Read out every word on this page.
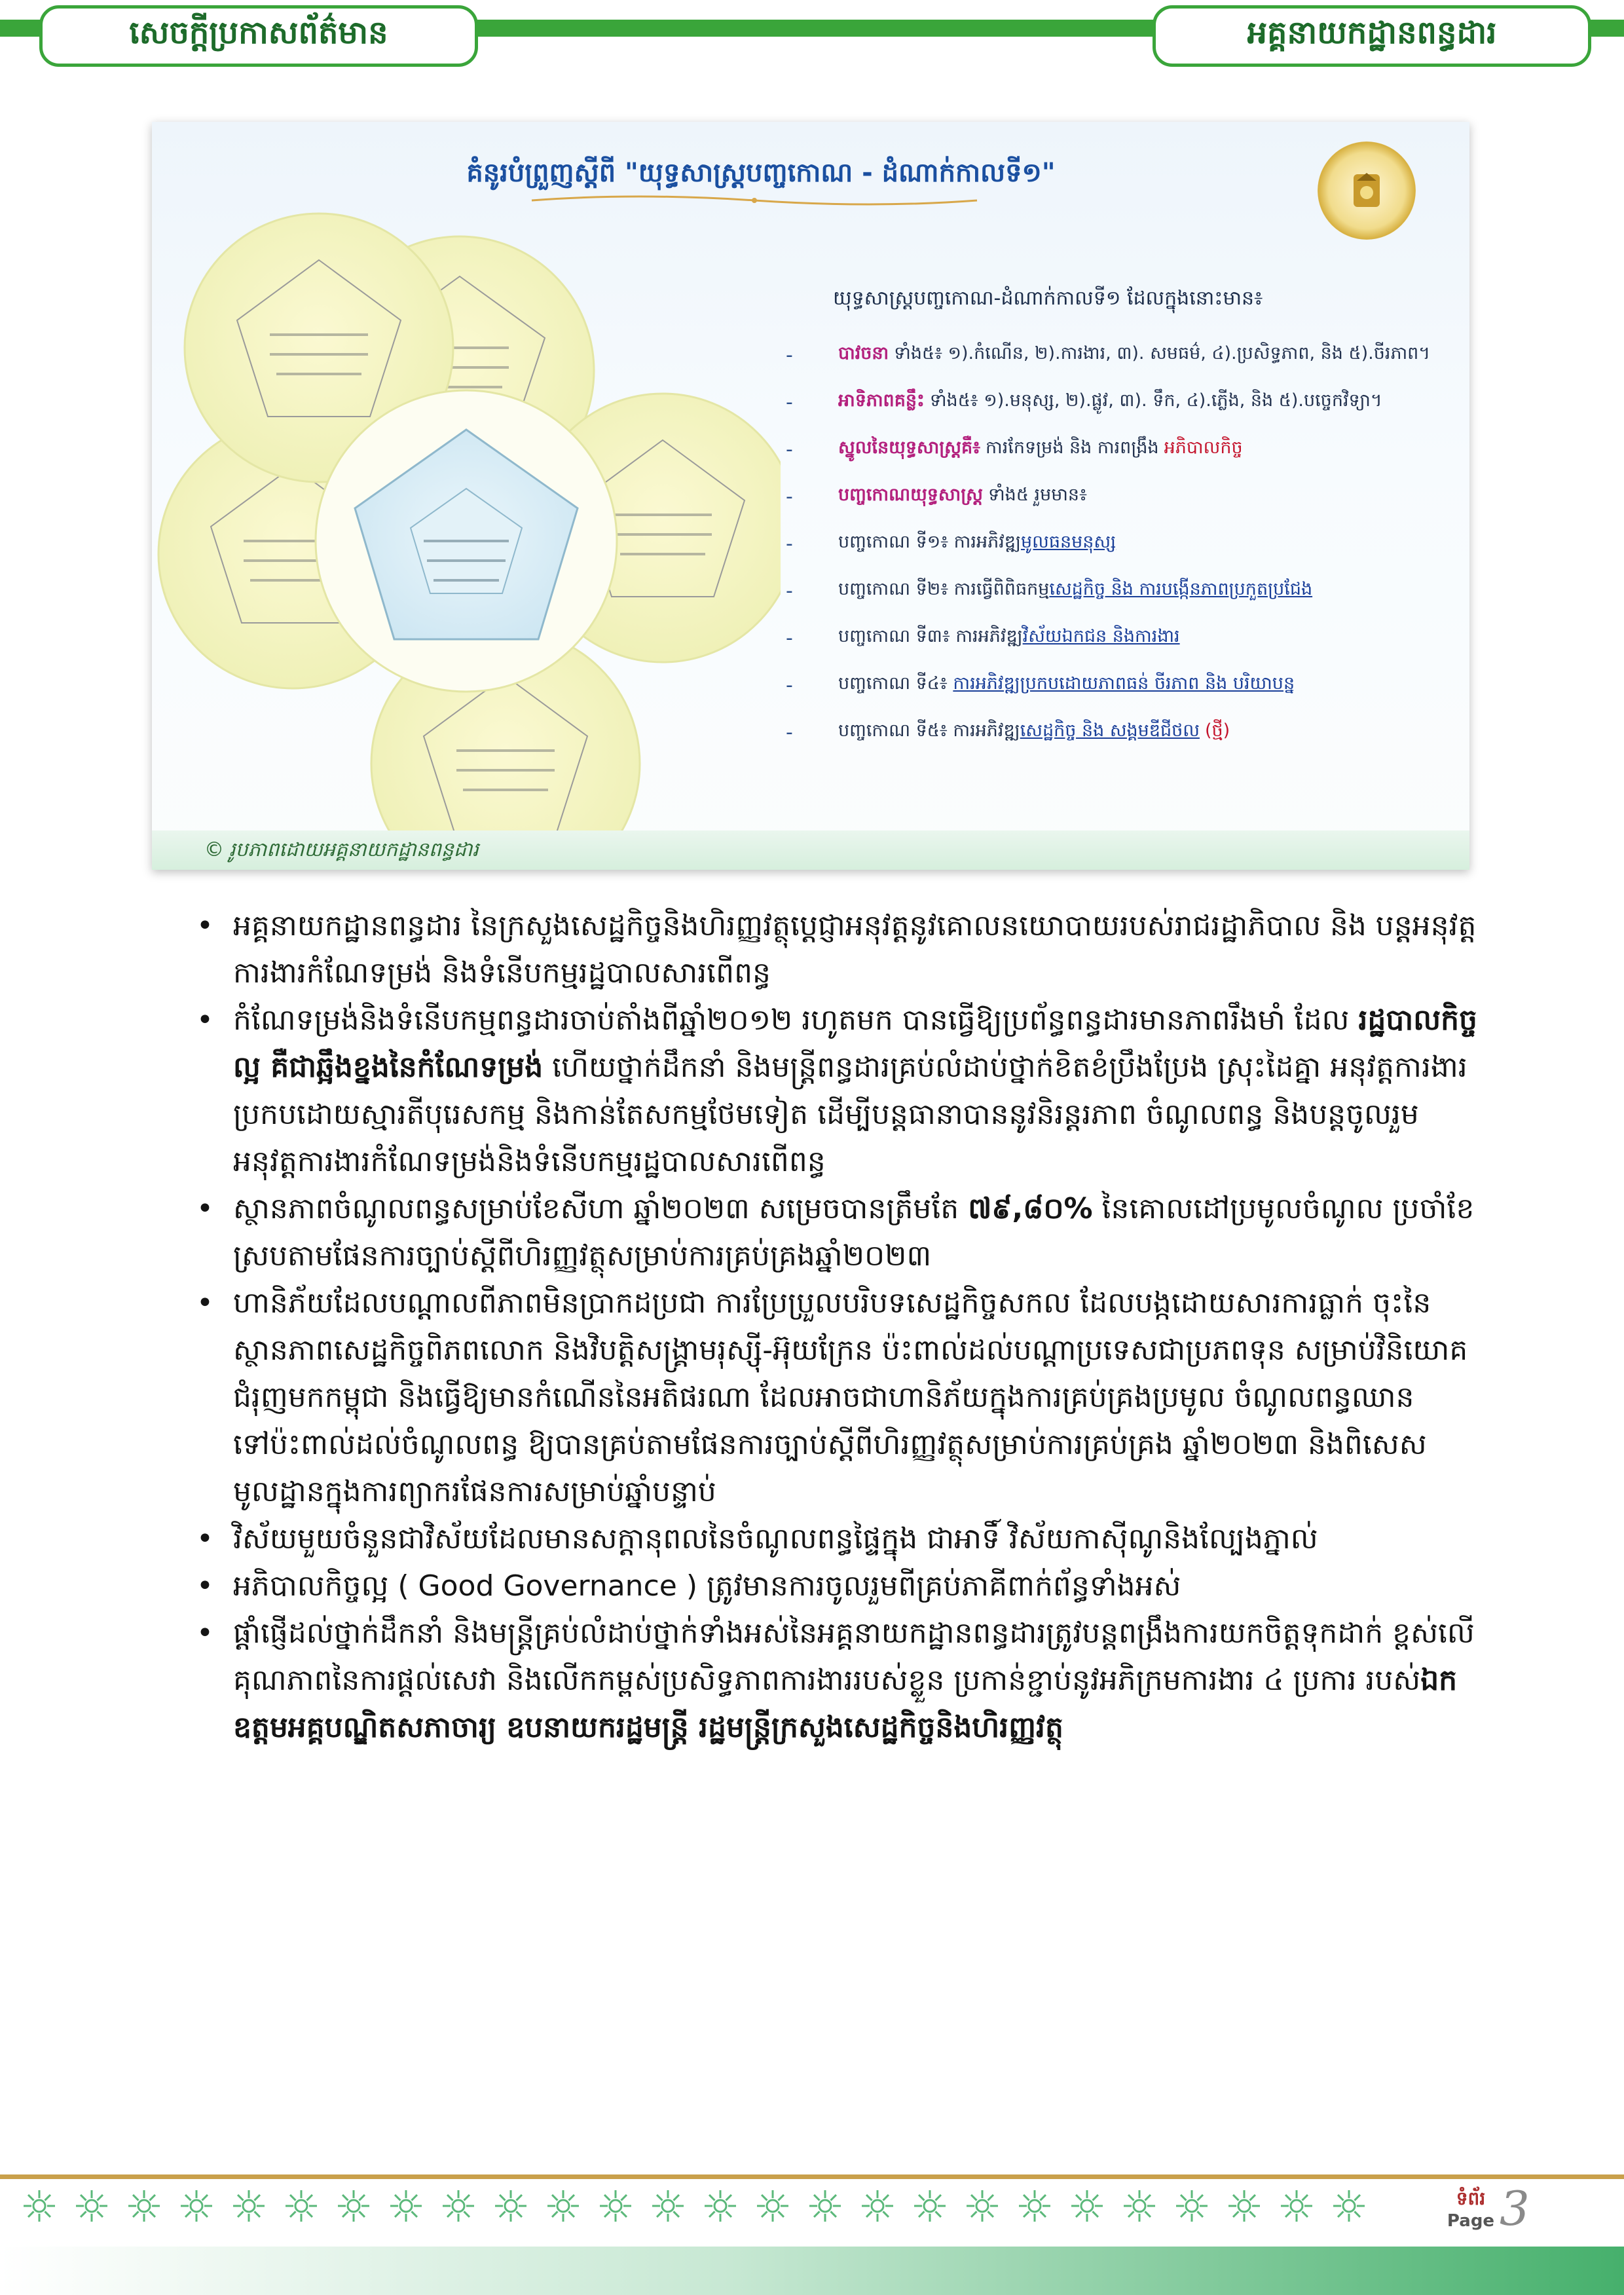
សេចក្ដីប្រកាសព័ត៌មាន	អគ្គនាយកដ្ឋានពន្ធដារ
គំនូរបំព្រួញស្ដីពី "យុទ្ធសាស្រ្តបញ្ចកោណ - ដំណាក់កាលទី១"
យុទ្ធសាស្រ្តបញ្ចកោណ-ដំណាក់កាលទី១ ដែលក្នុងនោះមាន៖
-	បាវចនា ទាំង៥៖ ១).កំណើន, ២).ការងារ, ៣). សមធម៌, ៤).ប្រសិទ្ធភាព, និង ៥).ចីរភាព។
-	អាទិភាពគន្លឹះ ទាំង៥៖ ១).មនុស្ស, ២).ផ្លូវ, ៣). ទឹក, ៤).ភ្លើង, និង ៥).បច្ចេកវិទ្យា។
-	ស្នូលនៃយុទ្ធសាស្ត្រគឺ៖ ការកែទម្រង់ និង ការពង្រឹង អភិបាលកិច្ច
-	បញ្ចកោណយុទ្ធសាស្រ្ត ទាំង៥ រួមមាន៖
-	បញ្ចកោណ ទី១៖ ការអភិវឌ្ឍមូលធនមនុស្ស
-	បញ្ចកោណ ទី២៖ ការធ្វើពិពិធកម្មសេដ្ឋកិច្ច និង ការបង្កើនភាពប្រកួតប្រជែង
-	បញ្ចកោណ ទី៣៖ ការអភិវឌ្ឍវិស័យឯកជន និងការងារ
-	បញ្ចកោណ ទី៤៖ ការអភិវឌ្ឍប្រកបដោយភាពធន់ ចីរភាព និង បរិយាបន្ន
-	បញ្ចកោណ ទី៥៖ ការអភិវឌ្ឍសេដ្ឋកិច្ច និង សង្គមឌីជីថល (ថ្មី)
© រូបភាពដោយអគ្គនាយកដ្ឋានពន្ធដារ
• អគ្គនាយកដ្ឋានពន្ធដារ នៃក្រសួងសេដ្ឋកិច្ចនិងហិរញ្ញវត្ថុប្តេជ្ញាអនុវត្តនូវគោលនយោបាយរបស់រាជរដ្ឋាភិបាល និង បន្តអនុវត្តការងារកំណែទម្រង់ និងទំនើបកម្មរដ្ឋបាលសារពើពន្ធ
• កំណែទម្រង់និងទំនើបកម្មពន្ធដារចាប់តាំងពីឆ្នាំ២០១២ រហូតមក បានធ្វើឱ្យប្រព័ន្ធពន្ធដារមានភាពរឹងមាំ ដែល រដ្ឋបាលកិច្ចល្អ គឺជាឆ្អឹងខ្នងនៃកំណែទម្រង់ ហើយថ្នាក់ដឹកនាំ និងមន្ត្រីពន្ធដារគ្រប់លំដាប់ថ្នាក់ខិតខំប្រឹងប្រែង ស្រុះដៃគ្នា អនុវត្តការងារប្រកបដោយស្មារតីបុរេសកម្ម និងកាន់តែសកម្មថែមទៀត ដើម្បីបន្តធានាបាននូវនិរន្តរភាព ចំណូលពន្ធ និងបន្តចូលរួមអនុវត្តការងារកំណែទម្រង់និងទំនើបកម្មរដ្ឋបាលសារពើពន្ធ
• ស្ថានភាពចំណូលពន្ធសម្រាប់ខែសីហា ឆ្នាំ២០២៣ សម្រេចបានត្រឹមតែ ៧៩,៨០% នៃគោលដៅប្រមូលចំណូល ប្រចាំខែស្របតាមផែនការច្បាប់ស្តីពីហិរញ្ញវត្ថុសម្រាប់ការគ្រប់គ្រងឆ្នាំ២០២៣
• ហានិភ័យដែលបណ្តាលពីភាពមិនប្រាកដប្រជា ការប្រែប្រួលបរិបទសេដ្ឋកិច្ចសកល ដែលបង្កដោយសារការធ្លាក់ ចុះនៃស្ថានភាពសេដ្ឋកិច្ចពិភពលោក និងវិបត្តិសង្គ្រាមរុស្ស៊ី-អ៊ុយក្រែន ប៉ះពាល់ដល់បណ្ដាប្រទេសជាប្រភពទុន សម្រាប់វិនិយោគជំរុញមកកម្ពុជា និងធ្វើឱ្យមានកំណើននៃអតិផរណា ដែលអាចជាហានិភ័យក្នុងការគ្រប់គ្រងប្រមូល ចំណូលពន្ធឈានទៅប៉ះពាល់ដល់ចំណូលពន្ធ ឱ្យបានគ្រប់តាមផែនការច្បាប់ស្តីពីហិរញ្ញវត្ថុសម្រាប់ការគ្រប់គ្រង ឆ្នាំ២០២៣ និងពិសេសមូលដ្ឋានក្នុងការព្យាករផែនការសម្រាប់ឆ្នាំបន្ទាប់
• វិស័យមួយចំនួនជាវិស័យដែលមានសក្ដានុពលនៃចំណូលពន្ធផ្ទៃក្នុង ជាអាទិ៍ វិស័យកាស៊ីណូនិងល្បែងភ្នាល់
• អភិបាលកិច្ចល្អ ( Good Governance ) ត្រូវមានការចូលរួមពីគ្រប់ភាគីពាក់ព័ន្ធទាំងអស់
• ផ្ដាំផ្ញើដល់ថ្នាក់ដឹកនាំ និងមន្ត្រីគ្រប់លំដាប់ថ្នាក់ទាំងអស់នៃអគ្គនាយកដ្ឋានពន្ធដារត្រូវបន្តពង្រឹងការយកចិត្តទុកដាក់ ខ្ពស់លើគុណភាពនៃការផ្តល់សេវា និងលើកកម្ពស់ប្រសិទ្ធភាពការងាររបស់ខ្លួន ប្រកាន់ខ្ជាប់នូវអភិក្រមការងារ ៤ ប្រការ របស់ឯកឧត្តមអគ្គបណ្ឌិតសភាចារ្យ ឧបនាយករដ្ឋមន្ត្រី រដ្ឋមន្ត្រីក្រសួងសេដ្ឋកិច្ចនិងហិរញ្ញវត្ថុ
ទំព័រ
Page 3
